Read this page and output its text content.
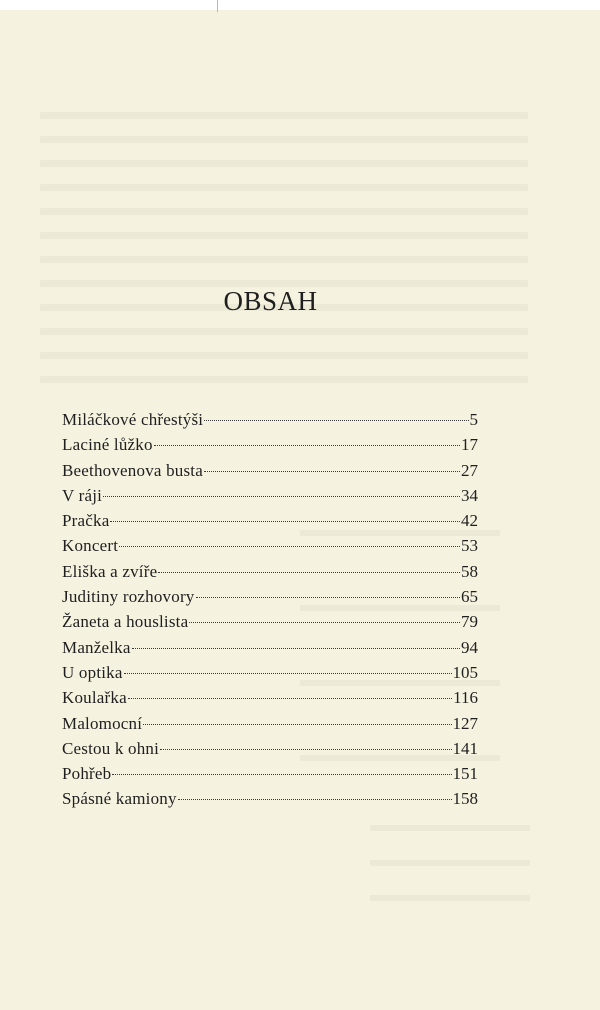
OBSAH
Miláčkové chřestýši	5
Laciné lůžko	17
Beethovenova busta	27
V ráji	34
Pračka	42
Koncert	53
Eliška a zvíře	58
Juditiny rozhovory	65
Žaneta a houslista	79
Manželka	94
U optika	105
Koulařka	116
Malomocní	127
Cestou k ohni	141
Pohřeb	151
Spásné kamiony	158
